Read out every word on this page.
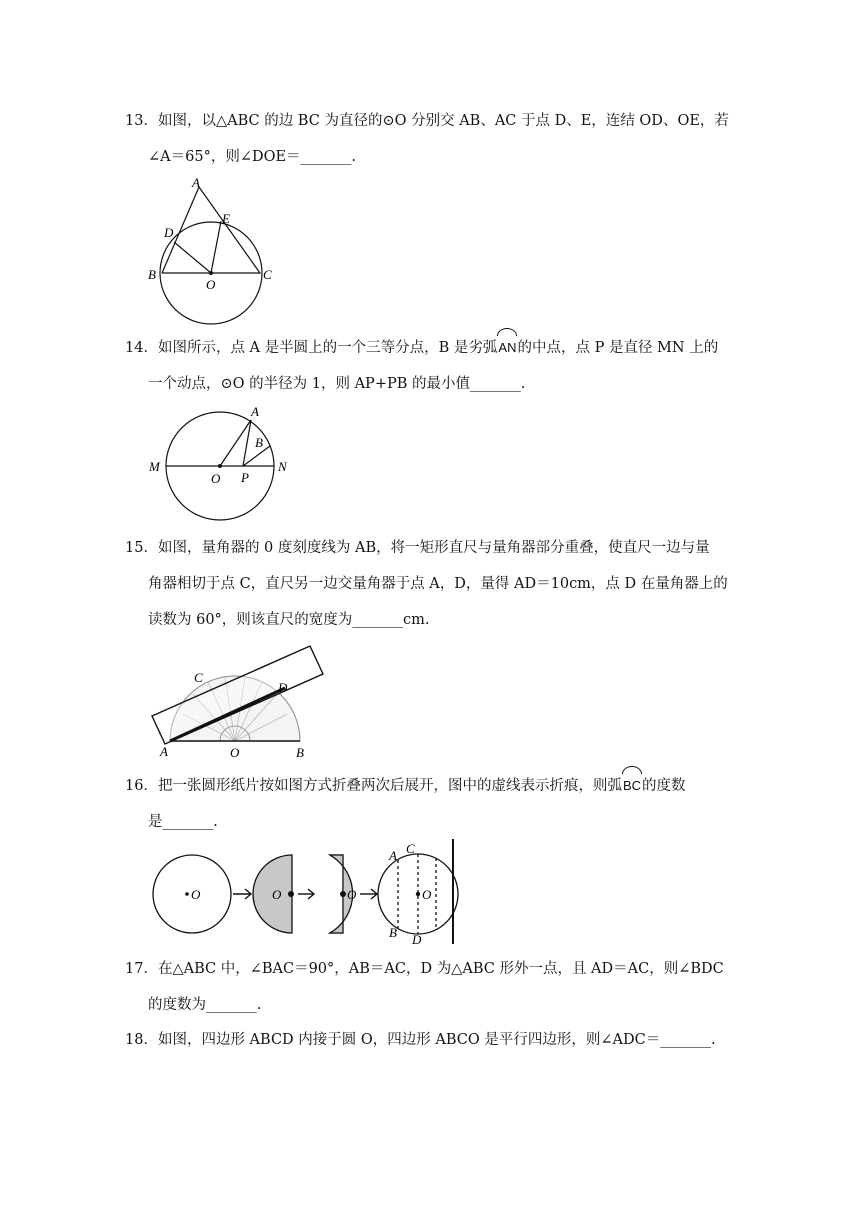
13．如图，以△ABC 的边 BC 为直径的⊙O 分别交 AB、AC 于点 D、E，连结 OD、OE，若
∠A＝65°，则∠DOE＝_______.
A
D
E
B
O
C
14．如图所示，点 A 是半圆上的一个三等分点，B 是劣弧AN的中点，点 P 是直径 MN 上的
一个动点，⊙O 的半径为 1，则 AP+PB 的最小值_______.
A
B
M
O P
N
15．如图，量角器的 0 度刻度线为 AB，将一矩形直尺与量角器部分重叠，使直尺一边与量
角器相切于点 C，直尺另一边交量角器于点 A，D，量得 AD＝10cm，点 D 在量角器上的
读数为 60°，则该直尺的宽度为_______cm.
C
D
A	O	B
16．把一张圆形纸片按如图方式折叠两次后展开，图中的虚线表示折痕，则弧BC的度数
是_______.
O	O	O
A C
O
B D
17．在△ABC 中，∠BAC＝90°，AB＝AC，D 为△ABC 形外一点，且 AD＝AC，则∠BDC
的度数为_______.
18．如图，四边形 ABCD 内接于圆 O，四边形 ABCO 是平行四边形，则∠ADC＝_______.
